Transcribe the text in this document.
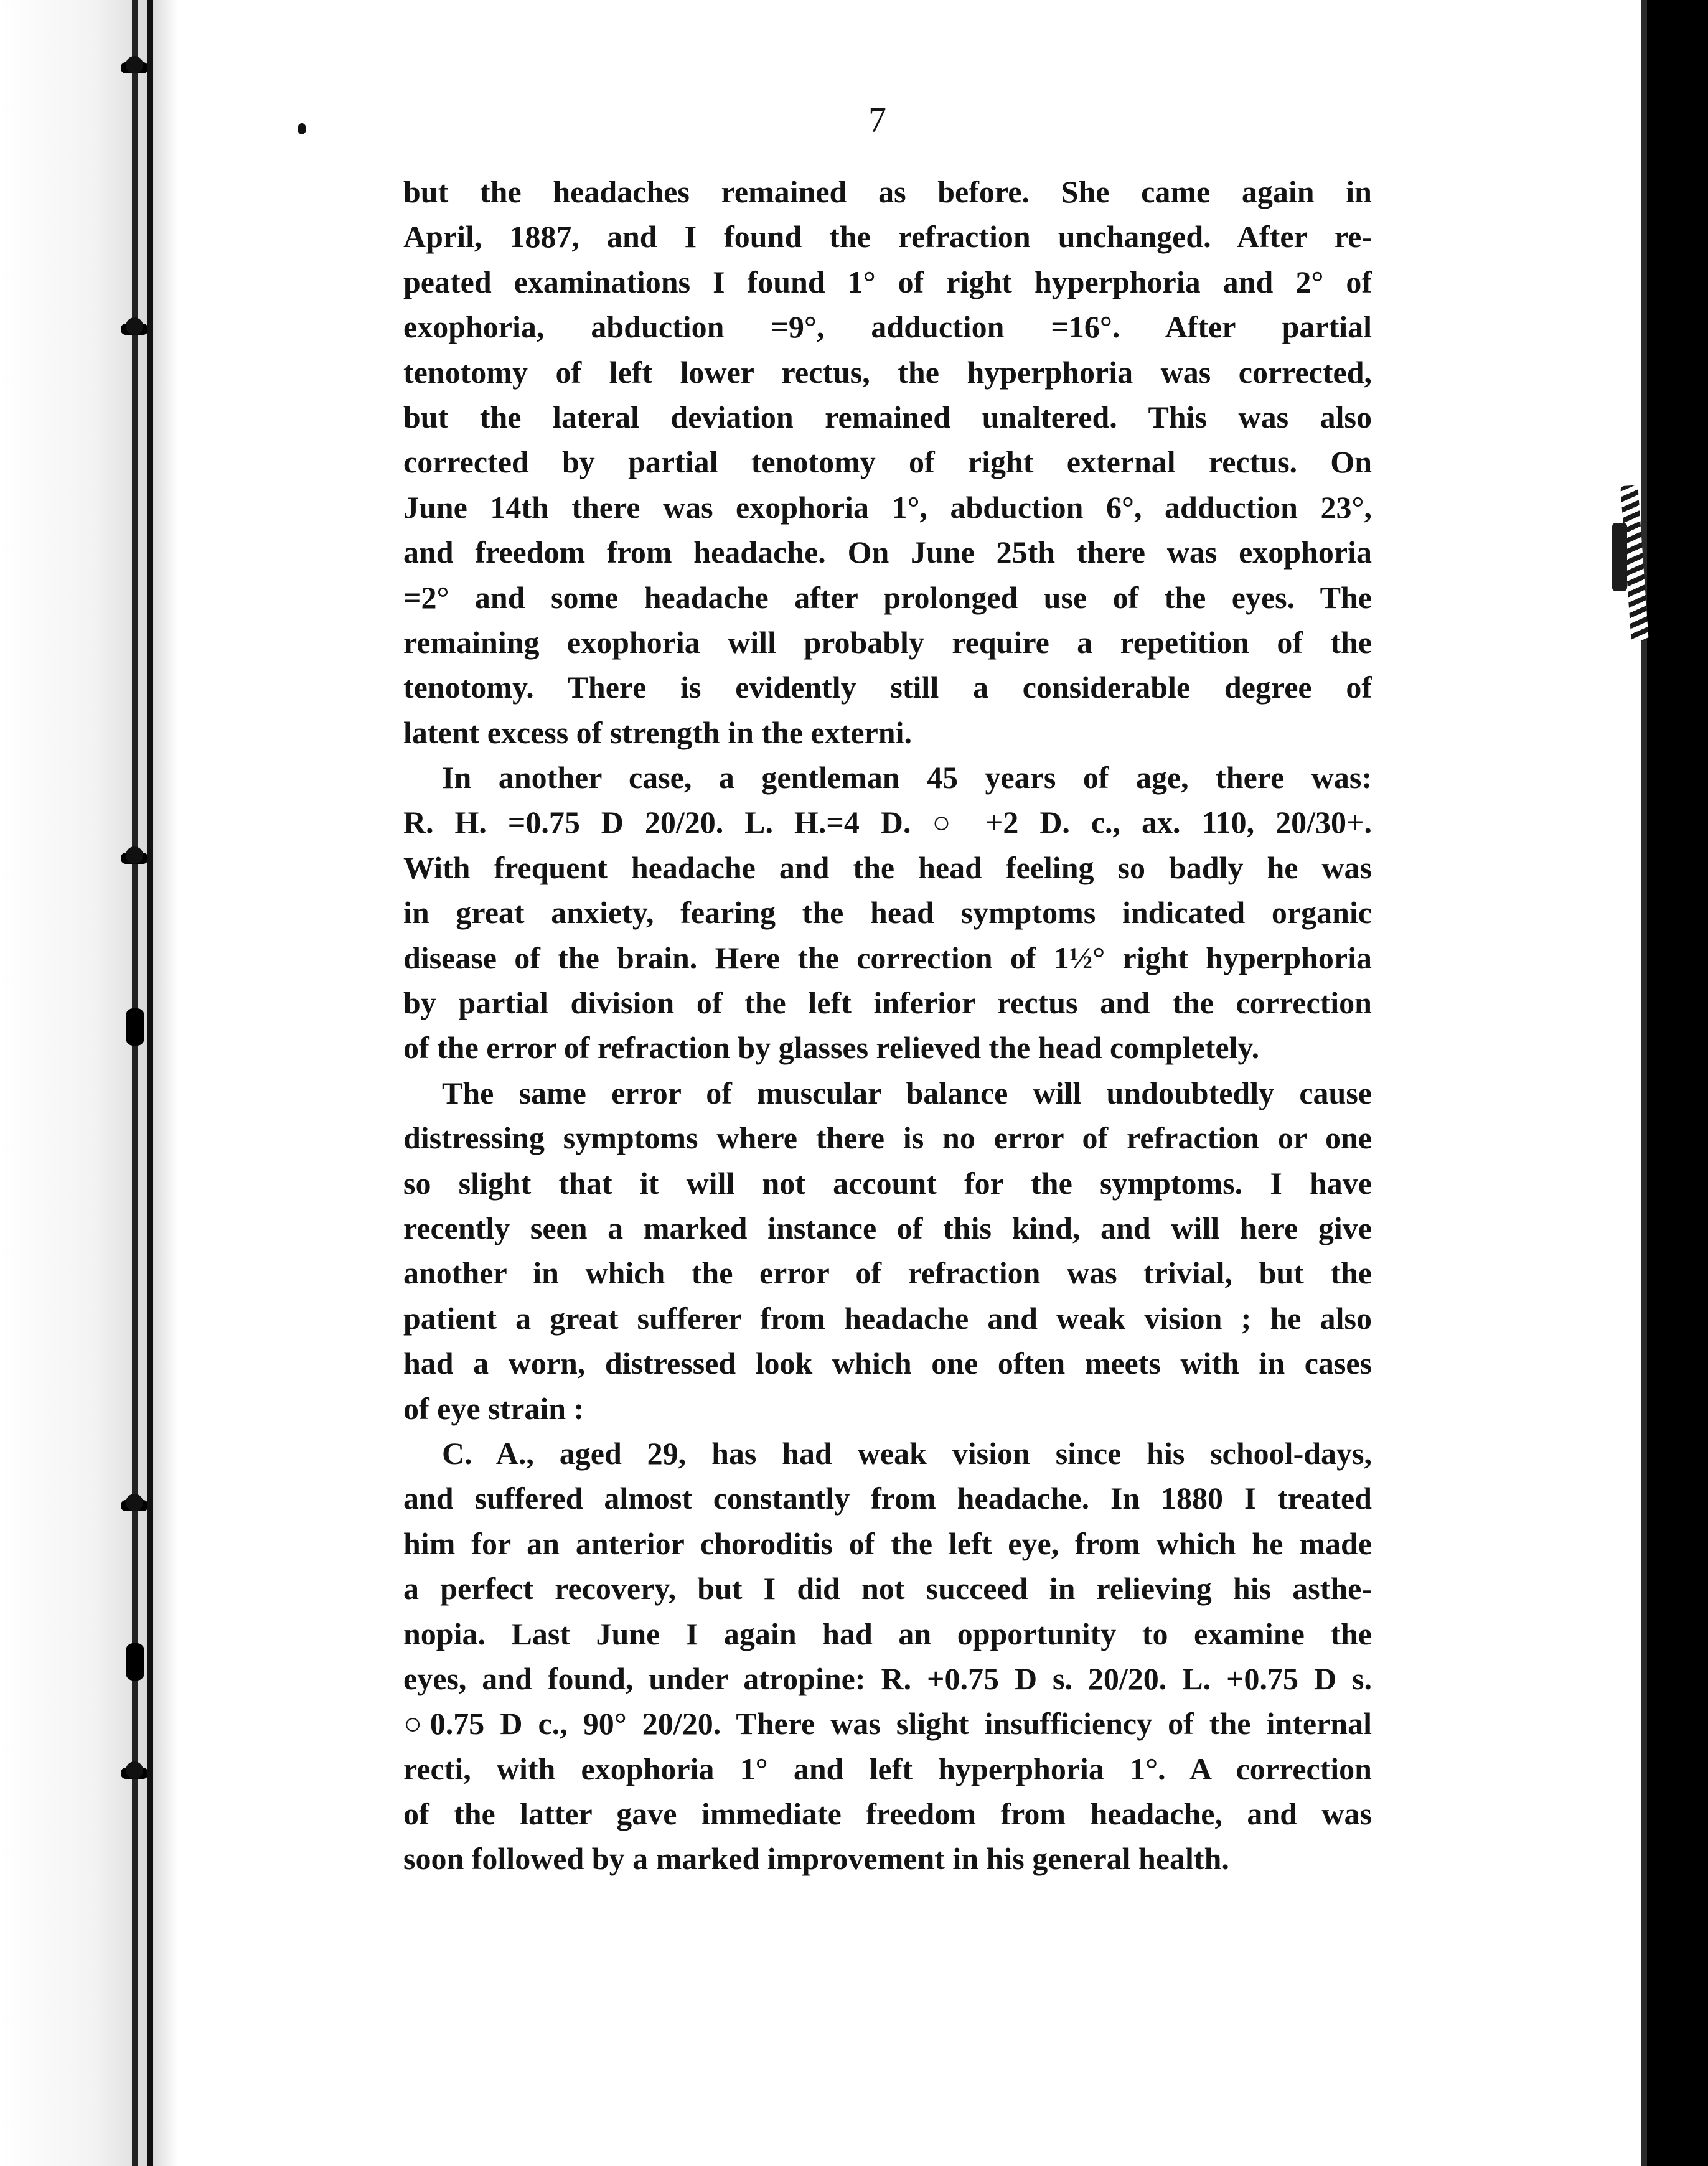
7
but the headaches remained as before. She came again in
April, 1887, and I found the refraction unchanged. After re-
peated examinations I found 1° of right hyperphoria and 2° of
exophoria, abduction =9°, adduction =16°. After partial
tenotomy of left lower rectus, the hyperphoria was corrected,
but the lateral deviation remained unaltered. This was also
corrected by partial tenotomy of right external rectus. On
June 14th there was exophoria 1°, abduction 6°, adduction 23°,
and freedom from headache. On June 25th there was exophoria
=2° and some headache after prolonged use of the eyes. The
remaining exophoria will probably require a repetition of the
tenotomy. There is evidently still a considerable degree of
latent excess of strength in the externi.
In another case, a gentleman 45 years of age, there was:
R. H. =0.75 D 20/20. L. H.=4 D. ○ +2 D. c., ax. 110, 20/30+.
With frequent headache and the head feeling so badly he was
in great anxiety, fearing the head symptoms indicated organic
disease of the brain. Here the correction of 1½° right hyperphoria
by partial division of the left inferior rectus and the correction
of the error of refraction by glasses relieved the head completely.
The same error of muscular balance will undoubtedly cause
distressing symptoms where there is no error of refraction or one
so slight that it will not account for the symptoms. I have
recently seen a marked instance of this kind, and will here give
another in which the error of refraction was trivial, but the
patient a great sufferer from headache and weak vision ; he also
had a worn, distressed look which one often meets with in cases
of eye strain :
C. A., aged 29, has had weak vision since his school-days,
and suffered almost constantly from headache. In 1880 I treated
him for an anterior choroditis of the left eye, from which he made
a perfect recovery, but I did not succeed in relieving his asthe-
nopia. Last June I again had an opportunity to examine the
eyes, and found, under atropine: R. +0.75 D s. 20/20. L. +0.75 D s.
○0.75 D c., 90° 20/20. There was slight insufficiency of the internal
recti, with exophoria 1° and left hyperphoria 1°. A correction
of the latter gave immediate freedom from headache, and was
soon followed by a marked improvement in his general health.
